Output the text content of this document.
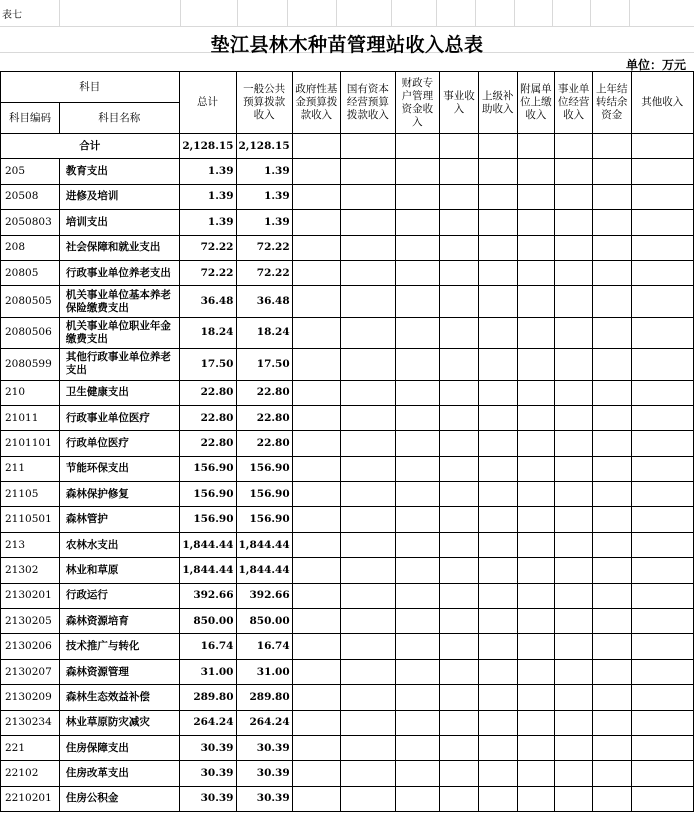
表七
垫江县林木种苗管理站收入总表
单位：万元
科目		总计	一般公共预算拨款收入	政府性基金预算拨款收入	国有资本经营预算拨款收入	财政专户管理资金收入	事业收入	上级补助收入	附属单位上缴收入	事业单位经营收入	上年结转结余资金	其他收入
科目编码	科目名称											
合计		2,128.15	2,128.15									
205	教育支出	1.39	1.39									
20508	进修及培训	1.39	1.39									
2050803	培训支出	1.39	1.39									
208	社会保障和就业支出	72.22	72.22									
20805	行政事业单位养老支出	72.22	72.22									
2080505	机关事业单位基本养老保险缴费支出	36.48	36.48									
2080506	机关事业单位职业年金缴费支出	18.24	18.24									
2080599	其他行政事业单位养老支出	17.50	17.50									
210	卫生健康支出	22.80	22.80									
21011	行政事业单位医疗	22.80	22.80									
2101101	行政单位医疗	22.80	22.80									
211	节能环保支出	156.90	156.90									
21105	森林保护修复	156.90	156.90									
2110501	森林管护	156.90	156.90									
213	农林水支出	1,844.44	1,844.44									
21302	林业和草原	1,844.44	1,844.44									
2130201	行政运行	392.66	392.66									
2130205	森林资源培育	850.00	850.00									
2130206	技术推广与转化	16.74	16.74									
2130207	森林资源管理	31.00	31.00									
2130209	森林生态效益补偿	289.80	289.80									
2130234	林业草原防灾减灾	264.24	264.24									
221	住房保障支出	30.39	30.39									
22102	住房改革支出	30.39	30.39									
2210201	住房公积金	30.39	30.39									
